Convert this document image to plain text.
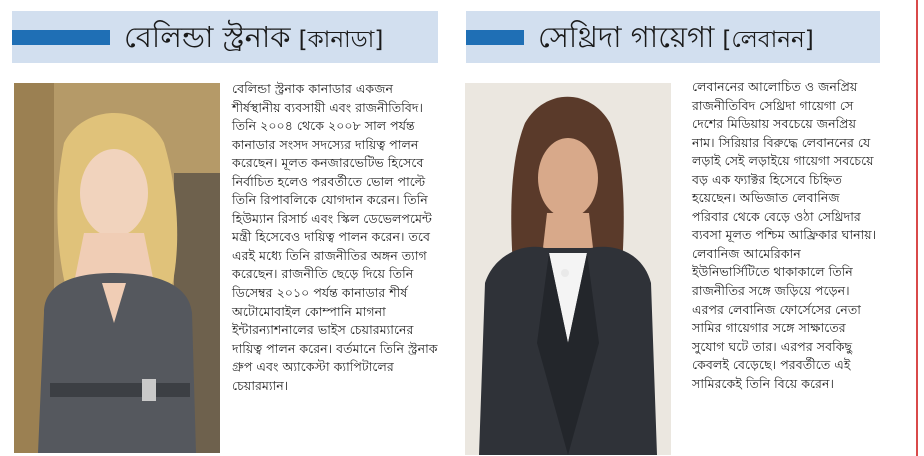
বেলিন্ডা স্ট্রনাক [কানাডা]
বেলিন্ডা স্ট্রনাক কানাডার একজন শীর্ষস্থানীয় ব্যবসায়ী এবং রাজনীতিবিদ। তিনি ২০০৪ থেকে ২০০৮ সাল পর্যন্ত কানাডার সংসদ সদস্যের দায়িত্ব পালন করেছেন। মূলত কনজারভেটিভ হিসেবে নির্বাচিত হলেও পরবর্তীতে ভোল পাল্টে তিনি রিপাবলিকে যোগদান করেন। তিনি হিউম্যান রিসার্চ এবং স্কিল ডেভেলপমেন্ট মন্ত্রী হিসেবেও দায়িত্ব পালন করেন। তবে এরই মধ্যে তিনি রাজনীতির অঙ্গন ত্যাগ করেছেন। রাজনীতি ছেড়ে দিয়ে তিনি ডিসেম্বর ২০১০ পর্যন্ত কানাডার শীর্ষ অটোমোবাইল কোম্পানি মাগনা ইন্টারন্যাশনালের ভাইস চেয়ারম্যানের দায়িত্ব পালন করেন। বর্তমানে তিনি স্ট্রনাক গ্রুপ এবং অ্যাকেস্টা ক্যাপিটালের চেয়ারম্যান।
সেথ্রিদা গায়েগা [লেবানন]
লেবাননের আলোচিত ও জনপ্রিয় রাজনীতিবিদ সেথ্রিদা গায়েগা সে দেশের মিডিয়ায় সবচেয়ে জনপ্রিয় নাম। সিরিয়ার বিরুদ্ধে লেবাননের যে লড়াই সেই লড়াইয়ে গায়েগা সবচেয়ে বড় এক ফ্যাক্টর হিসেবে চিহ্নিত হয়েছেন। অভিজাত লেবানিজ পরিবার থেকে বেড়ে ওঠা সেথ্রিদার ব্যবসা মূলত পশ্চিম আফ্রিকার ঘানায়। লেবানিজ আমেরিকান ইউনিভার্সিটিতে থাকাকালে তিনি রাজনীতির সঙ্গে জড়িয়ে পড়েন। এরপর লেবানিজ ফোর্সেসের নেতা সামির গায়েগার সঙ্গে সাক্ষাতের সুযোগ ঘটে তার। এরপর সবকিছু কেবলই বেড়েছে। পরবর্তীতে এই সামিরকেই তিনি বিয়ে করেন।
